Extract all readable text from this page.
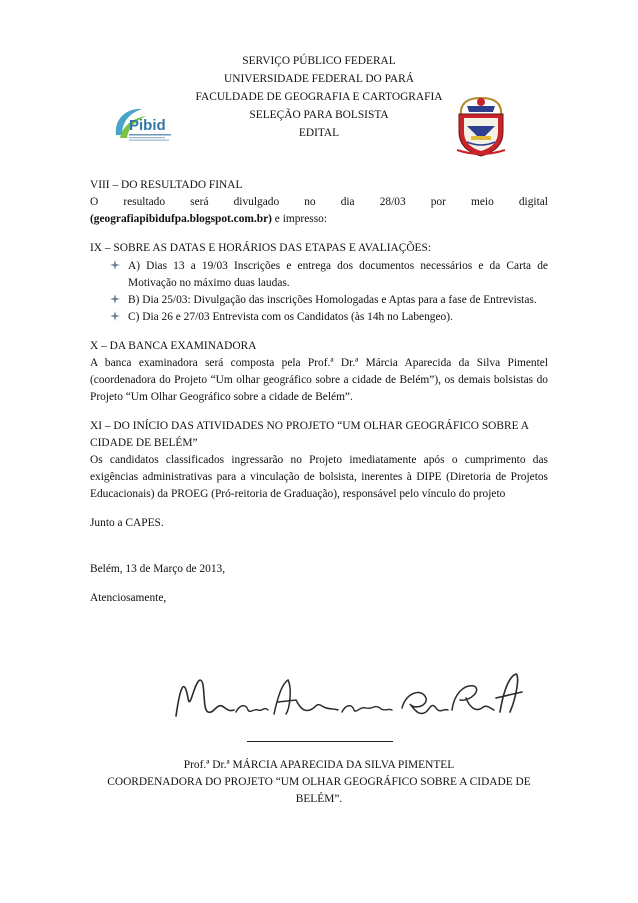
SERVIÇO PÚBLICO FEDERAL
UNIVERSIDADE FEDERAL DO PARÁ
FACULDADE DE GEOGRAFIA E CARTOGRAFIA
SELEÇÃO PARA BOLSISTA
EDITAL
Pibid

VIII – DO RESULTADO FINAL

O resultado será divulgado no dia 28/03 por meio digital

(geografiapibidufpa.blogspot.com.br) e impresso:

IX – SOBRE AS DATAS E HORÁRIOS DAS ETAPAS E AVALIAÇÕES:

A) Dias 13 a 19/03 Inscrições e entrega dos documentos necessários e da Carta de Motivação no máximo duas laudas.
B) Dia 25/03: Divulgação das inscrições Homologadas e Aptas para a fase de Entrevistas.
C) Dia 26 e 27/03 Entrevista com os Candidatos (às 14h no Labengeo).

X – DA BANCA EXAMINADORA

A banca examinadora será composta pela Prof.ª Dr.ª Márcia Aparecida da Silva Pimentel (coordenadora do Projeto “Um olhar geográfico sobre a cidade de Belém”), os demais bolsistas do Projeto “Um Olhar Geográfico sobre a cidade de Belém”.

XI – DO INÍCIO DAS ATIVIDADES NO PROJETO “UM OLHAR GEOGRÁFICO SOBRE A CIDADE DE BELÉM”

Os candidatos classificados ingressarão no Projeto imediatamente após o cumprimento das exigências administrativas para a vinculação de bolsista, inerentes à DIPE (Diretoria de Projetos Educacionais) da PROEG (Pró-reitoria de Graduação), responsável pelo vínculo do projeto

Junto a CAPES.

Belém, 13 de Março de 2013,

Atenciosamente,

Prof.ª Dr.ª MÁRCIA APARECIDA DA SILVA PIMENTEL
COORDENADORA DO PROJETO “UM OLHAR GEOGRÁFICO SOBRE A CIDADE DE BELÉM”.
